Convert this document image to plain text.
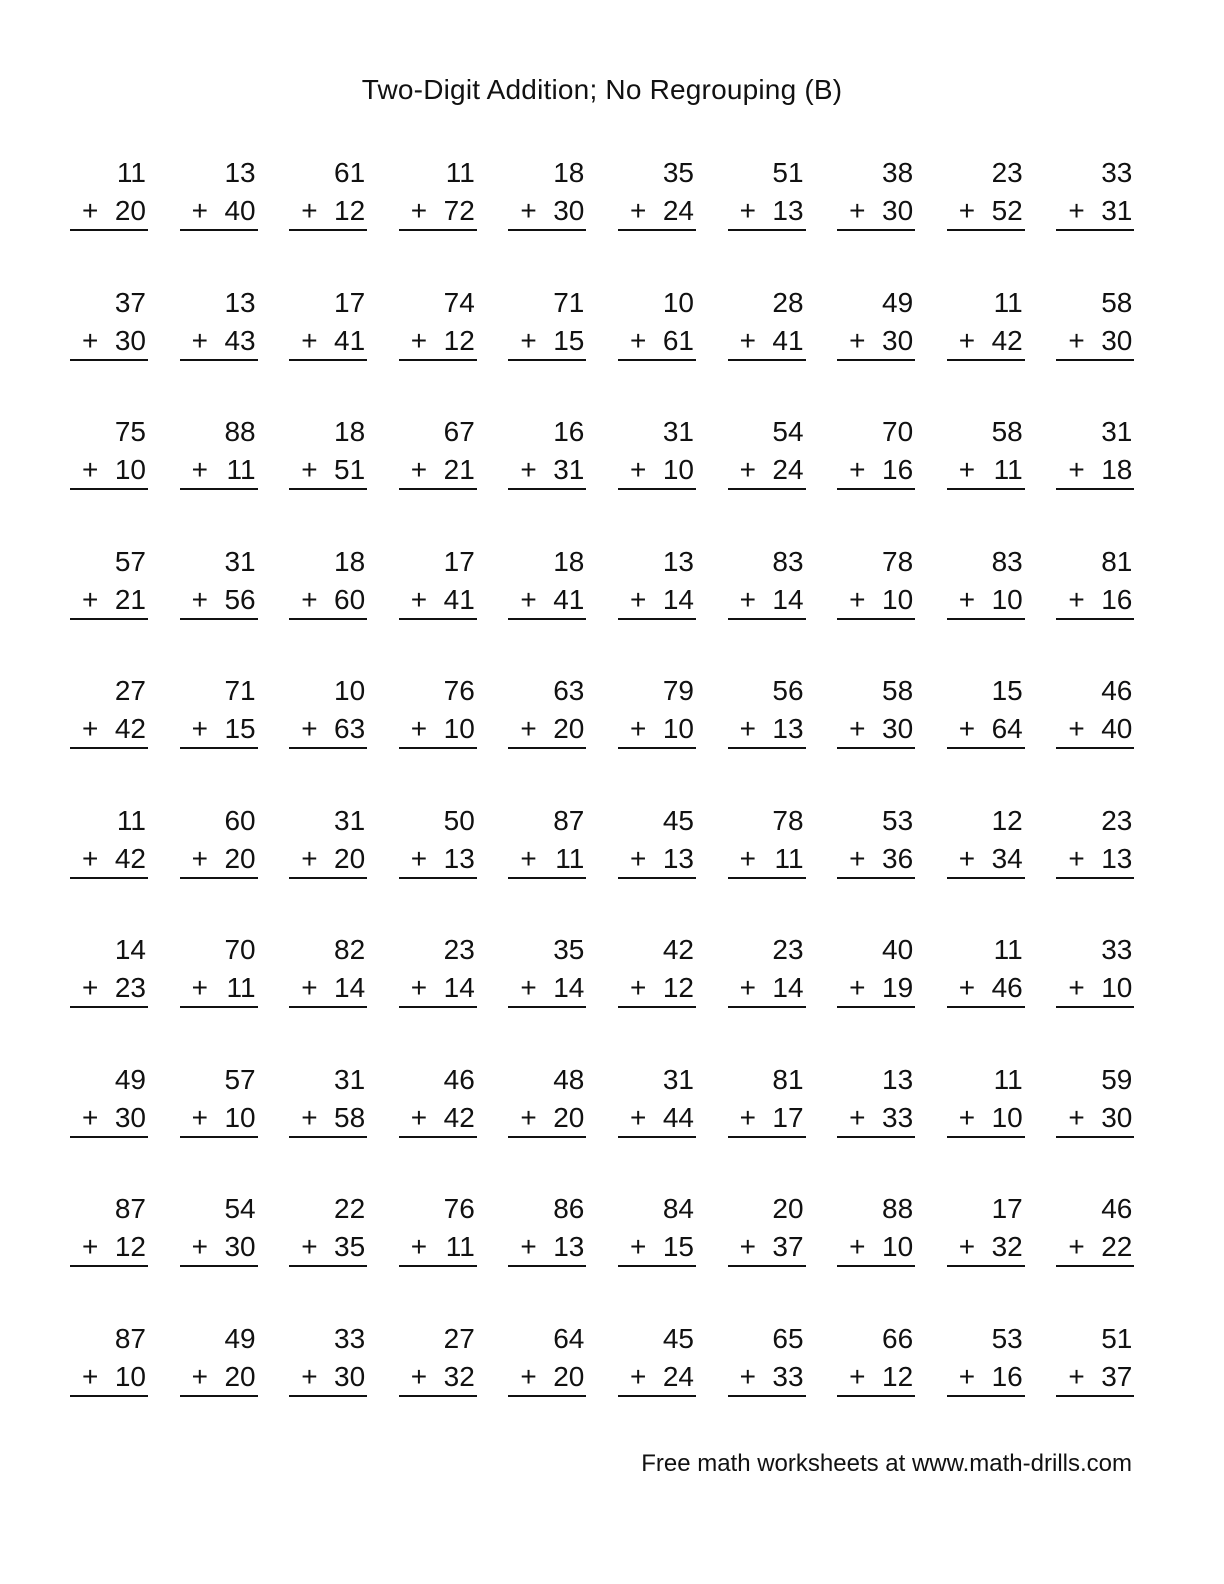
Two-Digit Addition; No Regrouping (B)
11
+ 20
13
+ 40
61
+ 12
11
+ 72
18
+ 30
35
+ 24
51
+ 13
38
+ 30
23
+ 52
33
+ 31
37
+ 30
13
+ 43
17
+ 41
74
+ 12
71
+ 15
10
+ 61
28
+ 41
49
+ 30
11
+ 42
58
+ 30
75
+ 10
88
+ 11
18
+ 51
67
+ 21
16
+ 31
31
+ 10
54
+ 24
70
+ 16
58
+ 11
31
+ 18
57
+ 21
31
+ 56
18
+ 60
17
+ 41
18
+ 41
13
+ 14
83
+ 14
78
+ 10
83
+ 10
81
+ 16
27
+ 42
71
+ 15
10
+ 63
76
+ 10
63
+ 20
79
+ 10
56
+ 13
58
+ 30
15
+ 64
46
+ 40
11
+ 42
60
+ 20
31
+ 20
50
+ 13
87
+ 11
45
+ 13
78
+ 11
53
+ 36
12
+ 34
23
+ 13
14
+ 23
70
+ 11
82
+ 14
23
+ 14
35
+ 14
42
+ 12
23
+ 14
40
+ 19
11
+ 46
33
+ 10
49
+ 30
57
+ 10
31
+ 58
46
+ 42
48
+ 20
31
+ 44
81
+ 17
13
+ 33
11
+ 10
59
+ 30
87
+ 12
54
+ 30
22
+ 35
76
+ 11
86
+ 13
84
+ 15
20
+ 37
88
+ 10
17
+ 32
46
+ 22
87
+ 10
49
+ 20
33
+ 30
27
+ 32
64
+ 20
45
+ 24
65
+ 33
66
+ 12
53
+ 16
51
+ 37
Free math worksheets at www.math-drills.com
